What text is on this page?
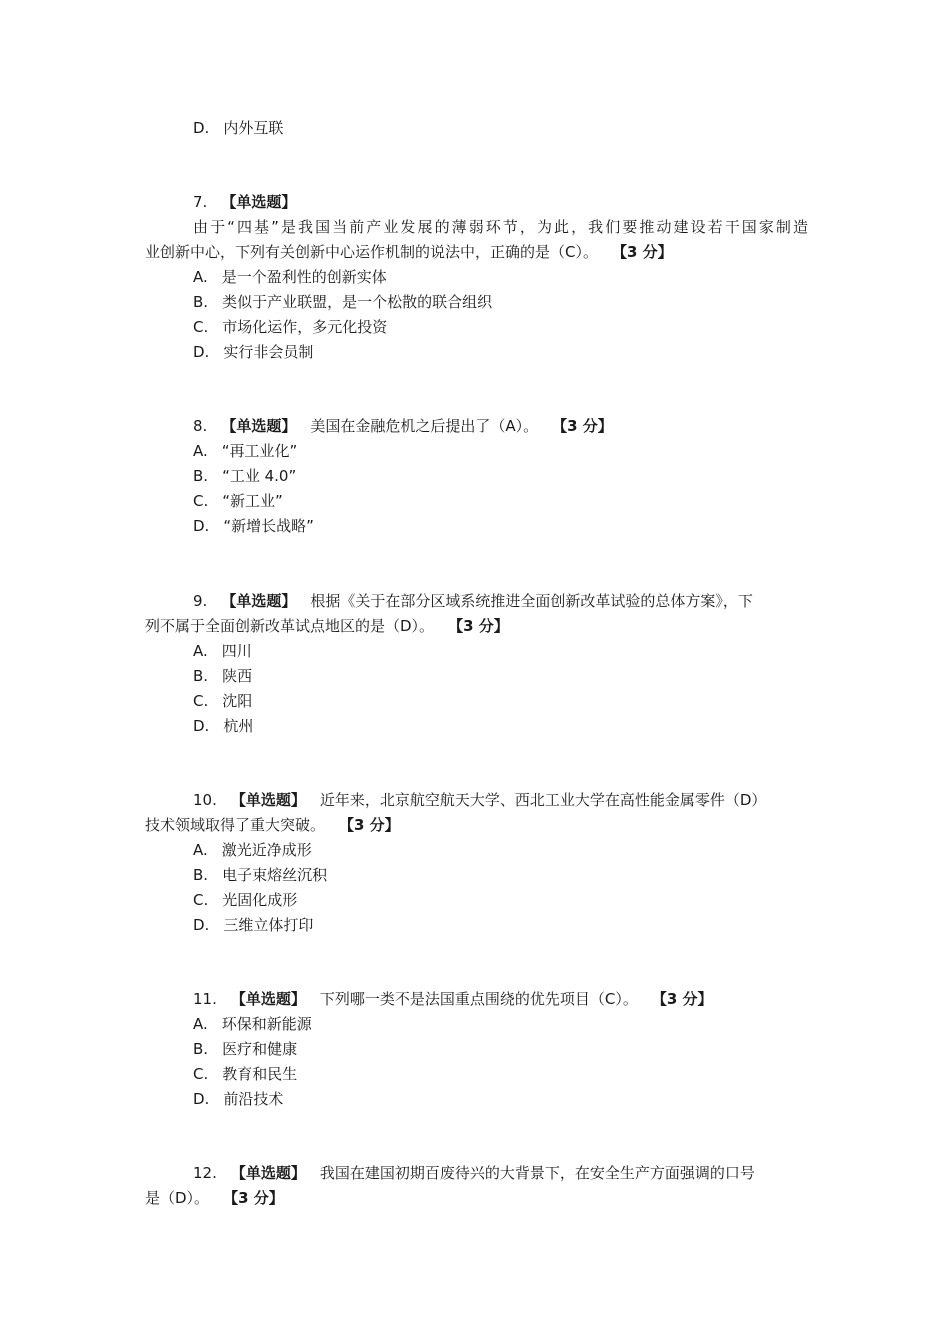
D. 内外互联
7. 【单选题】
由于“四基”是我国当前产业发展的薄弱环节，为此，我们要推动建设若干国家制造
业创新中心，下列有关创新中心运作机制的说法中，正确的是（C）。 【3 分】
A. 是一个盈利性的创新实体
B. 类似于产业联盟，是一个松散的联合组织
C. 市场化运作，多元化投资
D. 实行非会员制
8. 【单选题】 美国在金融危机之后提出了（A）。 【3 分】
A. “再工业化”
B. “工业 4.0”
C. “新工业”
D. “新增长战略”
9. 【单选题】 根据《关于在部分区域系统推进全面创新改革试验的总体方案》，下
列不属于全面创新改革试点地区的是（D）。 【3 分】
A. 四川
B. 陕西
C. 沈阳
D. 杭州
10. 【单选题】 近年来，北京航空航天大学、西北工业大学在高性能金属零件（D）
技术领域取得了重大突破。 【3 分】
A. 激光近净成形
B. 电子束熔丝沉积
C. 光固化成形
D. 三维立体打印
11. 【单选题】 下列哪一类不是法国重点围绕的优先项目（C）。 【3 分】
A. 环保和新能源
B. 医疗和健康
C. 教育和民生
D. 前沿技术
12. 【单选题】 我国在建国初期百废待兴的大背景下，在安全生产方面强调的口号
是（D）。 【3 分】
